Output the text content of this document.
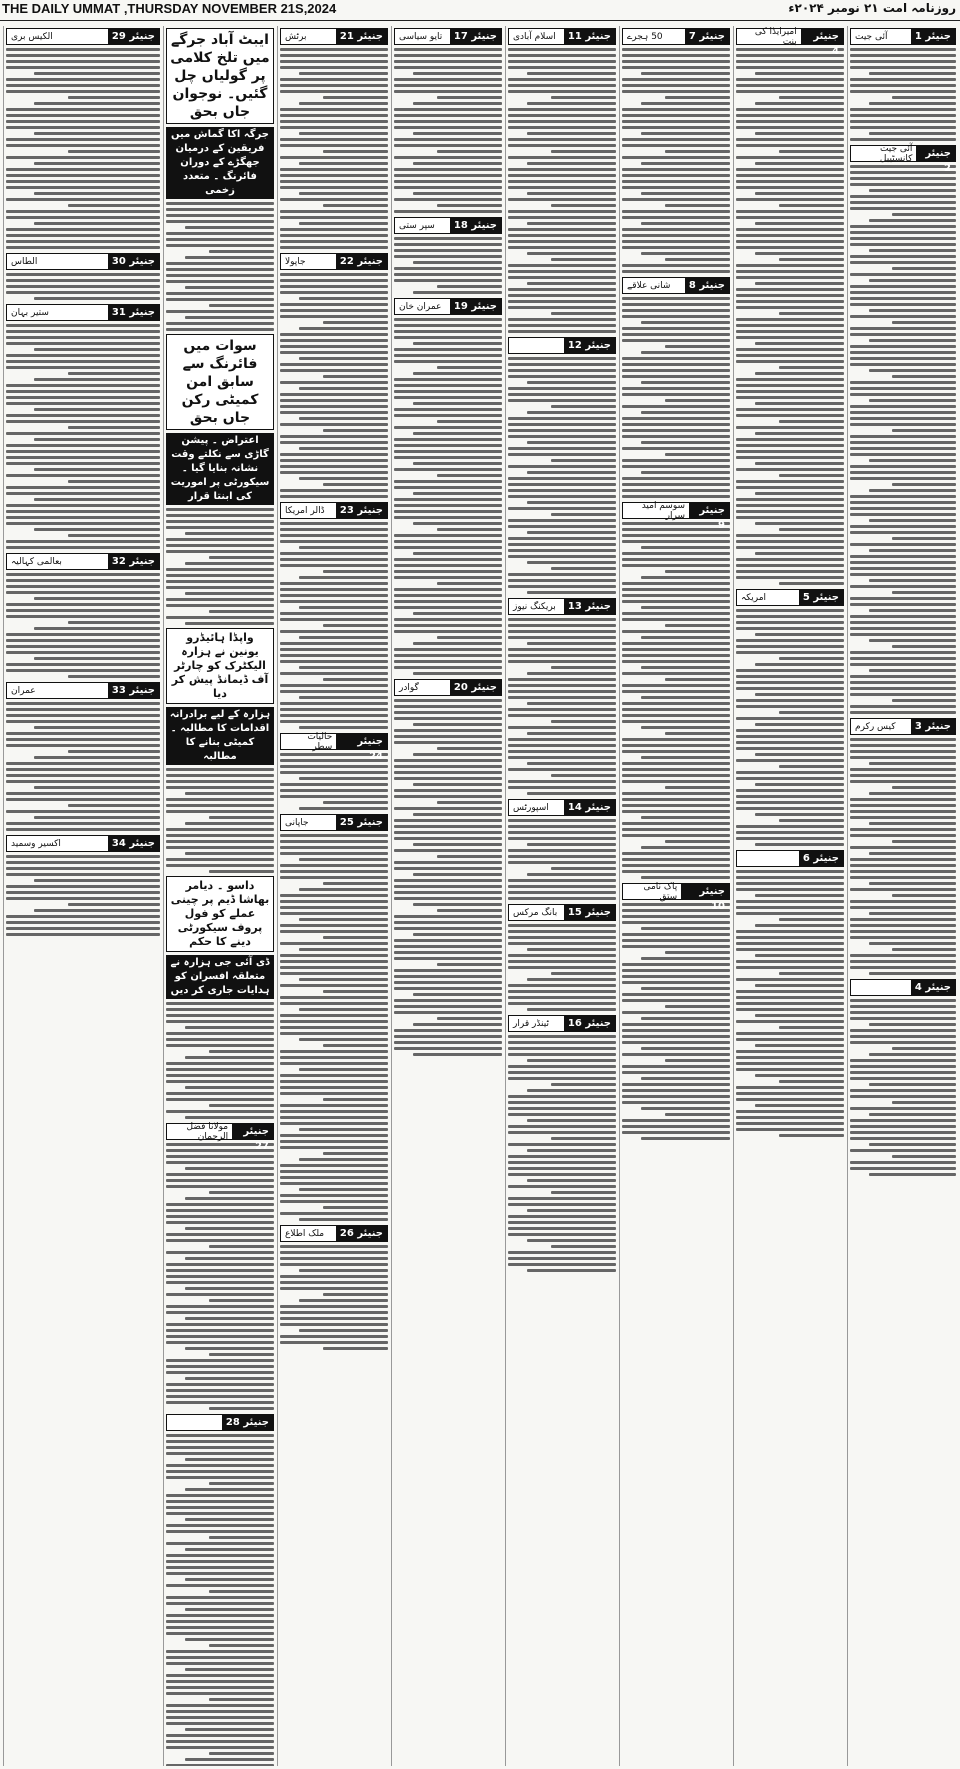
THE DAILY UMMAT ,THURSDAY NOVEMBER 21S,2024	روزنامہ امت ۲۱ نومبر ۲۰۲۴ء
جنیئر 1
آئی جیت
جنیئر 2
آئی جیت کانسٹیبل
جنیئر 3
کیس رکرم
جنیئر 4
جنیئر 4
امیرایڈا کی بنت
جنیئر 5
امریکہ
جنیئر 6
جنیئر 7
50 ہجرے
جنیئر 8
شانی علاقے
جنیئر 9
سوسم امید سرار
جنیئر 10
پاک نامی ستق
جنیئر 11
اسلام آبادی
جنیئر 12
جنیئر 13
بریکنگ نیوز
جنیئر 14
اسپورٹس
جنیئر 15
بانگ مرکس
جنیئر 16
ٹینڈر قرار
جنیئر 17
تایو سیاسی
جنیئر 18
سپر ستی
جنیئر 19
عمران خان
جنیئر 20
گوادر
جنیئر 21
برٹش
جنیئر 22
جاپولا
جنیئر 23
ڈالر امریکا
جنیئر 24
حالیات سطر
جنیئر 25
جاپانی
جنیئر 26
ملک اطلاع
ایبٹ آباد جرگے میں تلخ کلامی پر گولیاں چل گئیں۔ نوجوان جاں بحق
جرگہ اکا گماش میں فریقین کے درمیان جھگڑے کے دوران فائرنگ ۔ متعدد زخمی
سوات میں فائرنگ سے سابق امن کمیٹی رکن جاں بحق
اعتراض ۔ پیشن گاڑی سے نکلتے وقت نشانہ بنایا گیا ۔ سیکورٹی پر اموریت کی ابنتا قرار
واپڈا ہائیڈرو یونین نے ہزارہ الیکٹرک کو چارٹر آف ڈیمانڈ پیش کر دیا
ہزارہ کے لیے برادرانہ اقدامات کا مطالبہ ۔ کمیٹی بنانے کا مطالبہ
داسو ۔ دیامر بھاشا ڈیم پر چینی عملے کو فول پروف سیکورٹی دینے کا حکم
ڈی آئی جی ہزارہ نے متعلقہ افسران کو ہدایات جاری کر دیں
جنیئر 27
مولانا فضل الرحمان
جنیئر 28
جنیئر 29
الکیس بری
جنیئر 30
الطاس
جنیئر 31
ستیر بہان
جنیئر 32
بعالمی کہالیہ
جنیئر 33
عمران
جنیئر 34
اکسیر وسمید
